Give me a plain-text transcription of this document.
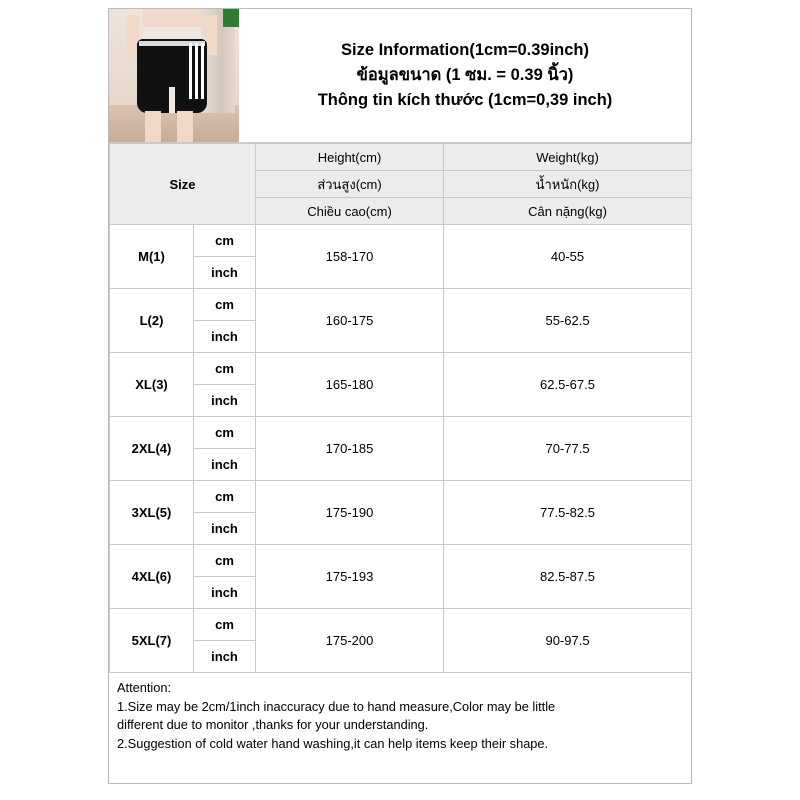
Size Information(1cm=0.39inch)
ข้อมูลขนาด (1 ซม. = 0.39 นิ้ว)
Thông tin kích thước (1cm=0,39 inch)
Size		Height(cm)	Weight(kg)
		ส่วนสูง(cm)	น้ำหนัก(kg)
		Chiều cao(cm)	Cân nặng(kg)
M(1)	cm	158-170	40-55
	inch		
L(2)	cm	160-175	55-62.5
	inch		
XL(3)	cm	165-180	62.5-67.5
	inch		
2XL(4)	cm	170-185	70-77.5
	inch		
3XL(5)	cm	175-190	77.5-82.5
	inch		
4XL(6)	cm	175-193	82.5-87.5
	inch		
5XL(7)	cm	175-200	90-97.5
	inch		
Attention:
1.Size may be 2cm/1inch inaccuracy due to hand measure,Color may be little
different due to monitor ,thanks for your understanding.
2.Suggestion of cold water hand washing,it can help items keep their shape.
